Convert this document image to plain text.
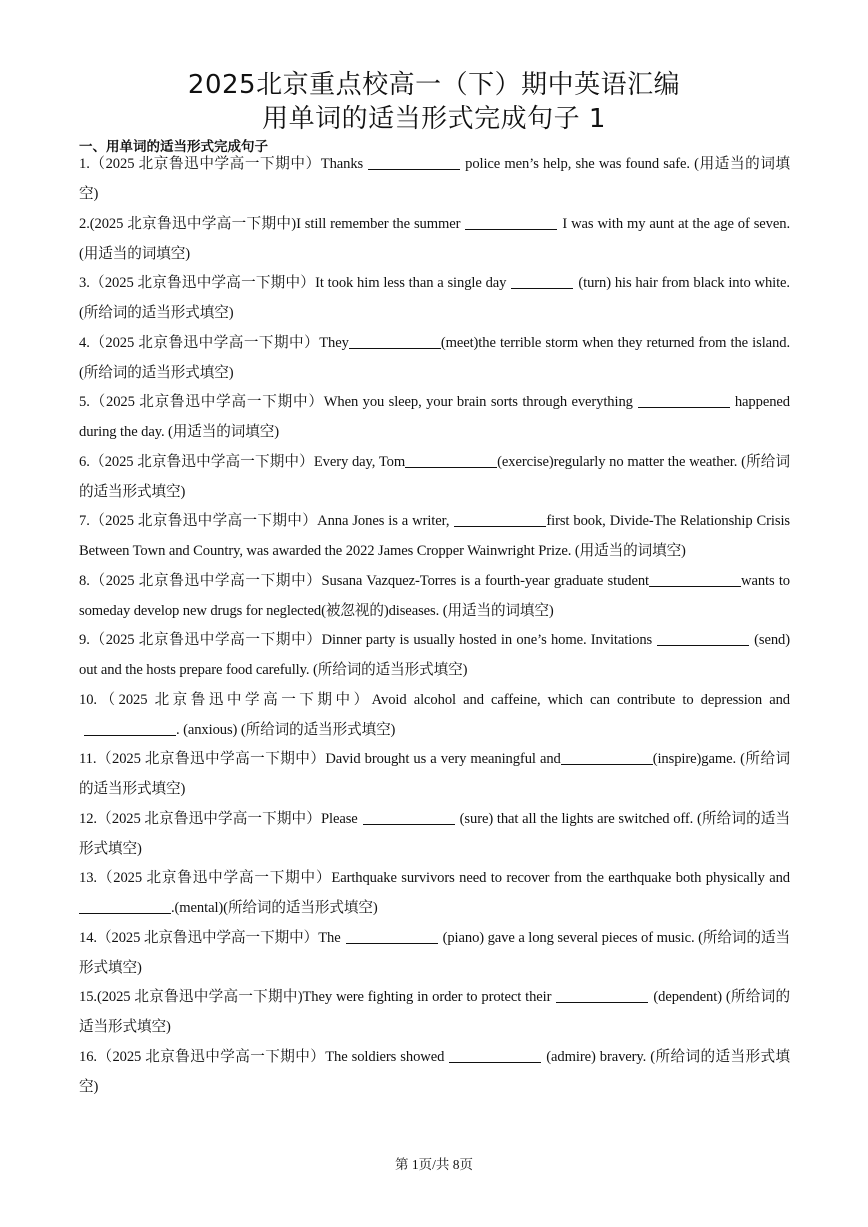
2025北京重点校高一（下）期中英语汇编
用单词的适当形式完成句子 1
一、用单词的适当形式完成句子
1.（2025 北京鲁迅中学高一下期中）Thanks	police men’s help, she was found safe. (用适当的词填空)
2.(2025 北京鲁迅中学高一下期中)I still remember the summer	I was with my aunt at the age of seven. (用适当的词填空)
3.（2025 北京鲁迅中学高一下期中）It took him less than a single day	(turn) his hair from black into white. (所给词的适当形式填空)
4.（2025 北京鲁迅中学高一下期中）They	(meet)the terrible storm when they returned from the island. (所给词的适当形式填空)
5.（2025 北京鲁迅中学高一下期中）When you sleep, your brain sorts through everything	happened during the day. (用适当的词填空)
6.（2025 北京鲁迅中学高一下期中）Every day, Tom	(exercise)regularly no matter the weather. (所给词的适当形式填空)
7.（2025 北京鲁迅中学高一下期中）Anna Jones is a writer,	first book, Divide-The Relationship Crisis Between Town and Country, was awarded the 2022 James Cropper Wainwright Prize. (用适当的词填空)
8.（2025 北京鲁迅中学高一下期中）Susana Vazquez-Torres is a fourth-year graduate student	wants to someday develop new drugs for neglected(被忽视的)diseases. (用适当的词填空)
9.（2025 北京鲁迅中学高一下期中）Dinner party is usually hosted in one’s home. Invitations	(send) out and the hosts prepare food carefully. (所给词的适当形式填空)
10.（2025 北京鲁迅中学高一下期中）Avoid alcohol and caffeine, which can contribute to depression and. (anxious) (所给词的适当形式填空)
11.（2025 北京鲁迅中学高一下期中）David brought us a very meaningful and	(inspire)game. (所给词的适当形式填空)
12.（2025 北京鲁迅中学高一下期中）Please	(sure) that all the lights are switched off. (所给词的适当形式填空)
13.（2025 北京鲁迅中学高一下期中）Earthquake survivors need to recover from the earthquake both physically and.(mental)(所给词的适当形式填空)
14.（2025 北京鲁迅中学高一下期中）The	(piano) gave a long several pieces of music. (所给词的适当形式填空)
15.(2025 北京鲁迅中学高一下期中)They were fighting in order to protect their	(dependent) (所给词的适当形式填空)
16.（2025 北京鲁迅中学高一下期中）The soldiers showed	(admire) bravery. (所给词的适当形式填空)
第 1页/共 8页
